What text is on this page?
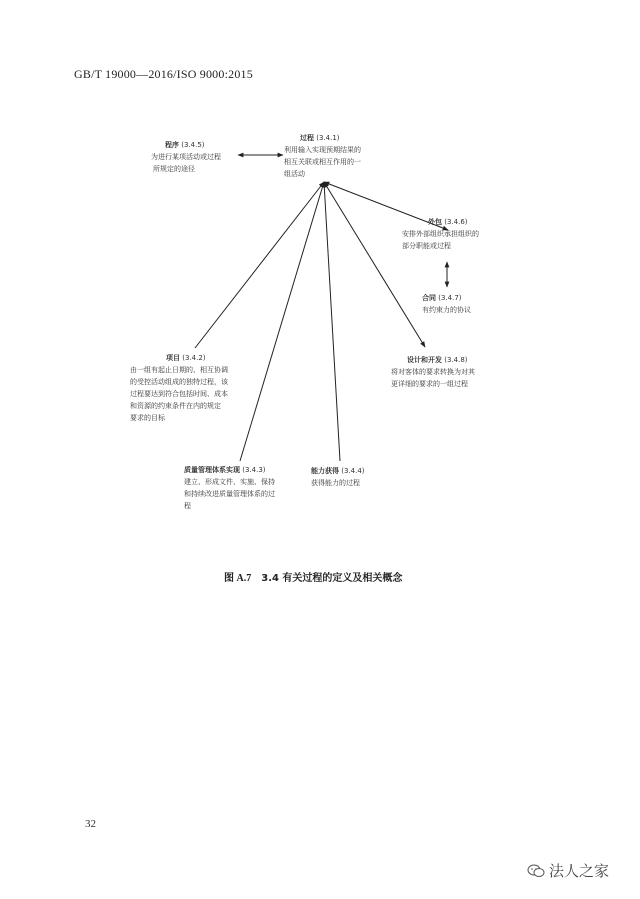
GB/T 19000—2016/ISO 9000:2015
过程 (3.4.1)
利用输入实现预期结果的
相互关联或相互作用的一
组活动
程序 (3.4.5)
为进行某项活动或过程
所规定的途径
外包 (3.4.6)
安排外部组织承担组织的
部分职能或过程
合同 (3.4.7)
有约束力的协议
设计和开发 (3.4.8)
将对客体的要求转换为对其
更详细的要求的一组过程
项目 (3.4.2)
由一组有起止日期的、相互协调
的受控活动组成的独特过程，该
过程要达到符合包括时间、成本
和资源的约束条件在内的规定
要求的目标
质量管理体系实现 (3.4.3)
建立、形成文件、实施、保持
和持续改进质量管理体系的过
程
能力获得 (3.4.4)
获得能力的过程
图 A.7 3.4 有关过程的定义及相关概念
32
法人之家
